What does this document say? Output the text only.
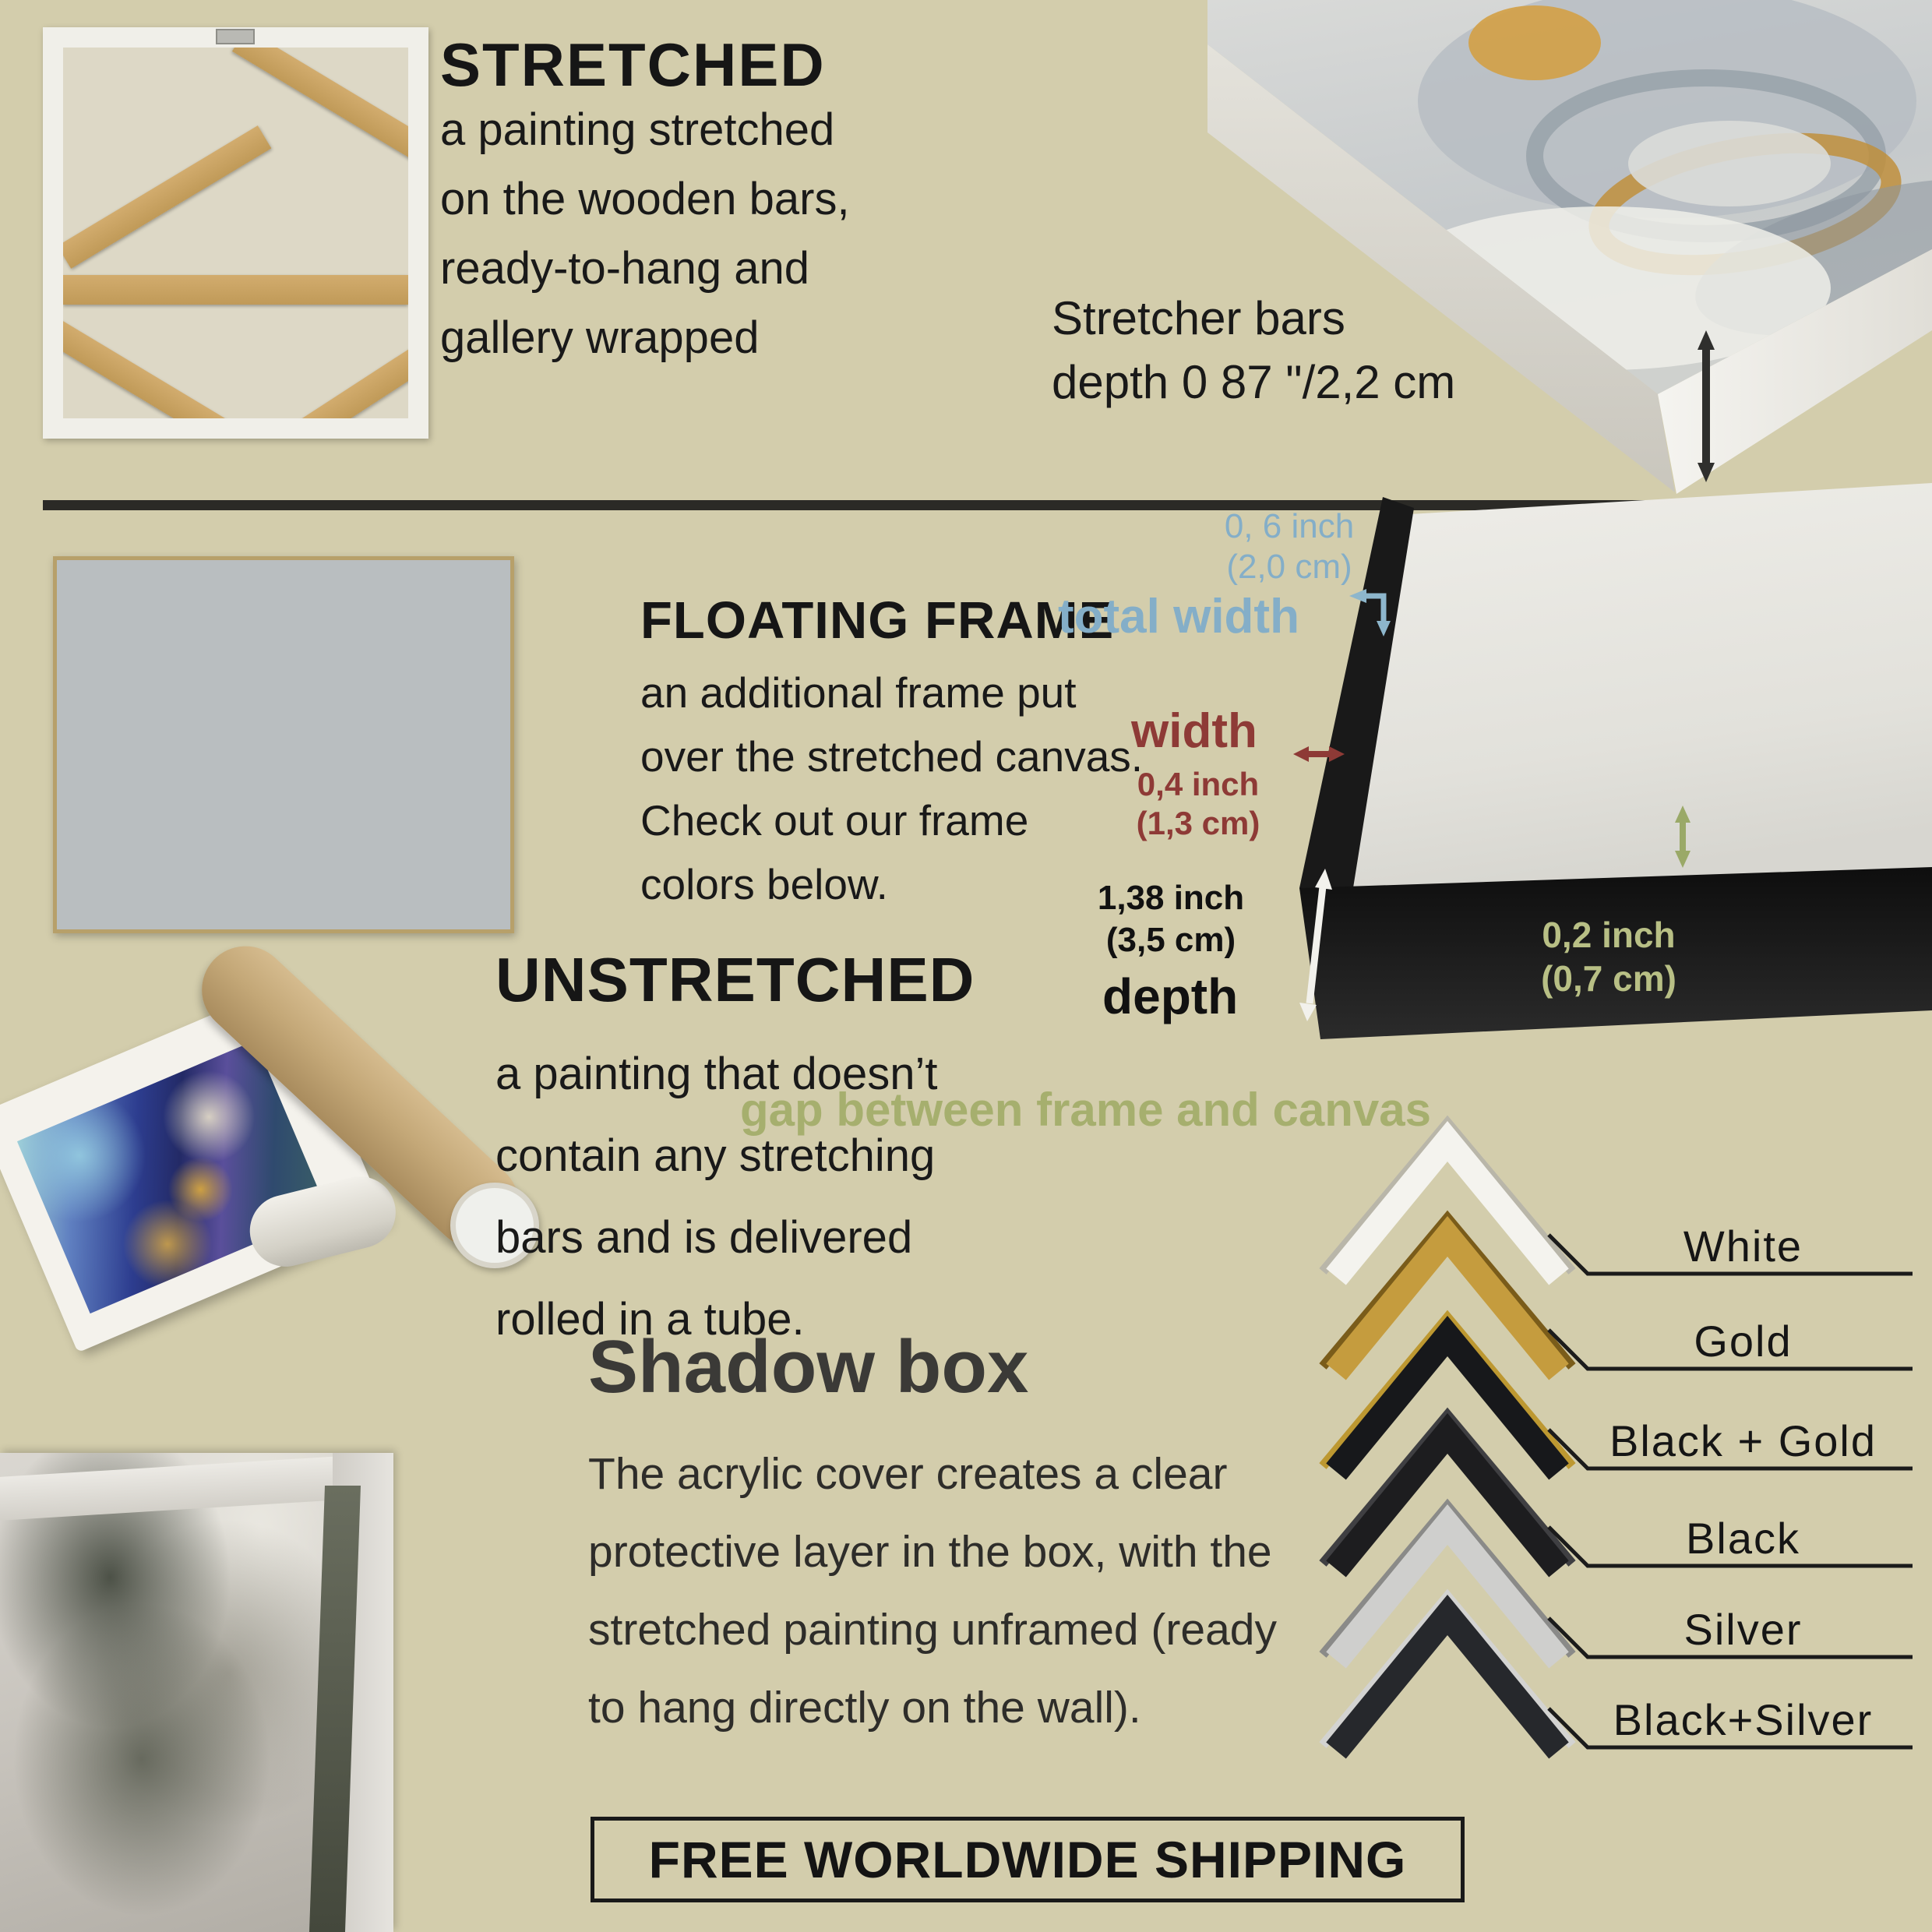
STRETCHED
a painting stretched
on the wooden bars,
ready-to-hang and
gallery wrapped	Stretcher bars
depth 0 87 "/2,2 cm
FLOATING FRAME
an additional frame put
over the stretched canvas.
Check out our frame
colors below.
0, 6 inch
(2,0 cm)
total width
width
0,4 inch
(1,3 cm)
1,38 inch
(3,5 cm)
depth
0,2 inch
(0,7 cm)
gap between frame and canvas
UNSTRETCHED
a painting that doesn’t
contain any stretching
bars and is delivered
rolled in a tube.
Shadow box
The acrylic cover creates a clear
protective layer in the box, with the
stretched painting unframed (ready
to hang directly on the wall).
White
Gold
Black + Gold
Black
Silver
Black+Silver
FREE WORLDWIDE SHIPPING
